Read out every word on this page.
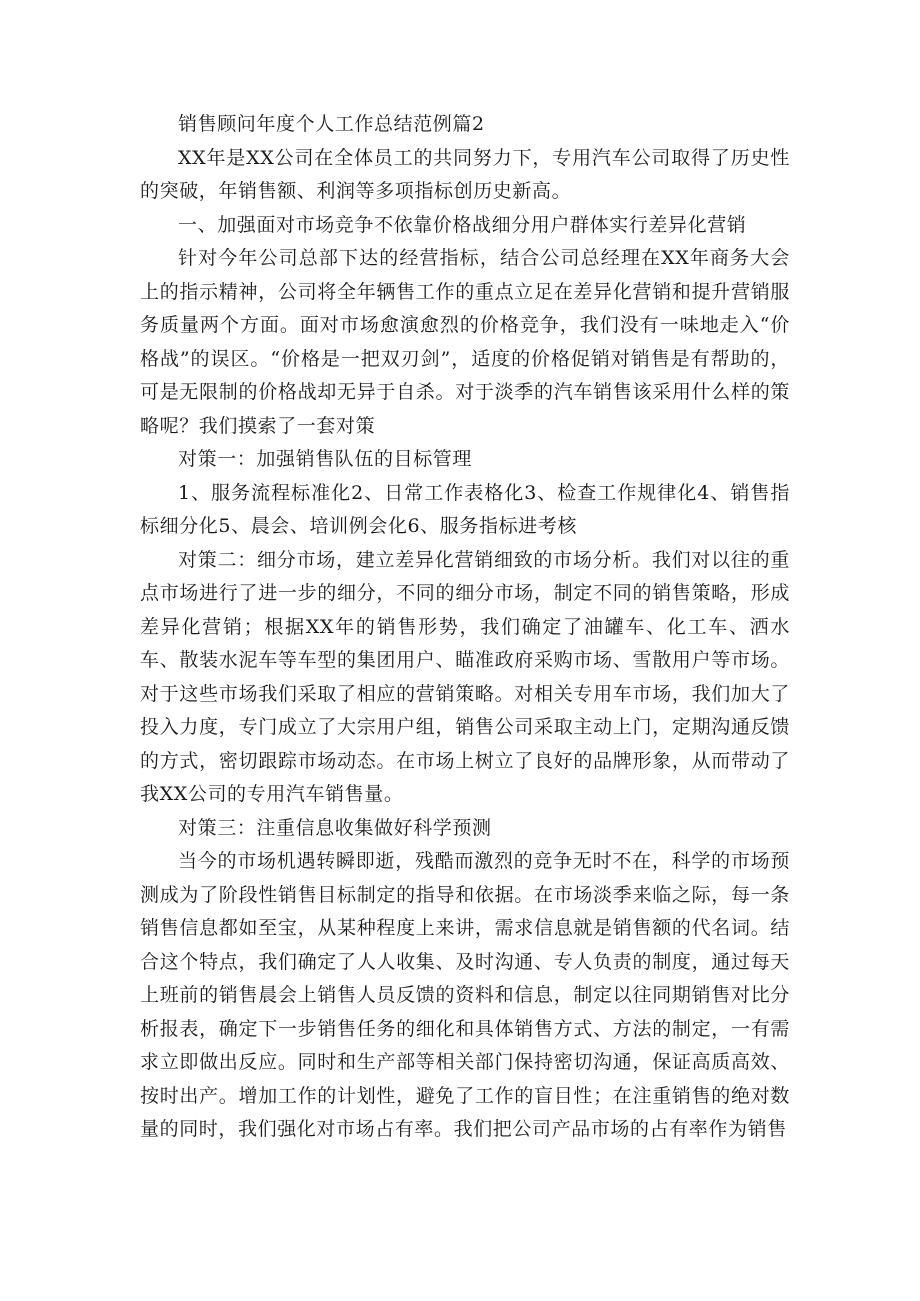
销售顾问年度个人工作总结范例篇2

XX年是XX公司在全体员工的共同努力下，专用汽车公司取得了历史性的突破，年销售额、利润等多项指标创历史新高。

一、加强面对市场竞争不依靠价格战细分用户群体实行差异化营销

针对今年公司总部下达的经营指标，结合公司总经理在XX年商务大会上的指示精神，公司将全年辆售工作的重点立足在差异化营销和提升营销服务质量两个方面。面对市场愈演愈烈的价格竞争，我们没有一味地走入“价格战”的误区。“价格是一把双刃剑”，适度的价格促销对销售是有帮助的，可是无限制的价格战却无异于自杀。对于淡季的汽车销售该采用什么样的策略呢？我们摸索了一套对策

对策一：加强销售队伍的目标管理

1、服务流程标准化2、日常工作表格化3、检查工作规律化4、销售指标细分化5、晨会、培训例会化6、服务指标进考核

对策二：细分市场，建立差异化营销细致的市场分析。我们对以往的重点市场进行了进一步的细分，不同的细分市场，制定不同的销售策略，形成差异化营销；根据XX年的销售形势，我们确定了油罐车、化工车、洒水车、散装水泥车等车型的集团用户、瞄准政府采购市场、雪散用户等市场。对于这些市场我们采取了相应的营销策略。对相关专用车市场，我们加大了投入力度，专门成立了大宗用户组，销售公司采取主动上门，定期沟通反馈的方式，密切跟踪市场动态。在市场上树立了良好的品牌形象，从而带动了我XX公司的专用汽车销售量。

对策三：注重信息收集做好科学预测

当今的市场机遇转瞬即逝，残酷而激烈的竞争无时不在，科学的市场预测成为了阶段性销售目标制定的指导和依据。在市场淡季来临之际，每一条销售信息都如至宝，从某种程度上来讲，需求信息就是销售额的代名词。结合这个特点，我们确定了人人收集、及时沟通、专人负责的制度，通过每天上班前的销售晨会上销售人员反馈的资料和信息，制定以往同期销售对比分析报表，确定下一步销售任务的细化和具体销售方式、方法的制定，一有需求立即做出反应。同时和生产部等相关部门保持密切沟通，保证高质高效、按时出产。增加工作的计划性，避免了工作的盲目性；在注重销售的绝对数量的同时，我们强化对市场占有率。我们把公司产品市场的占有率作为销售
